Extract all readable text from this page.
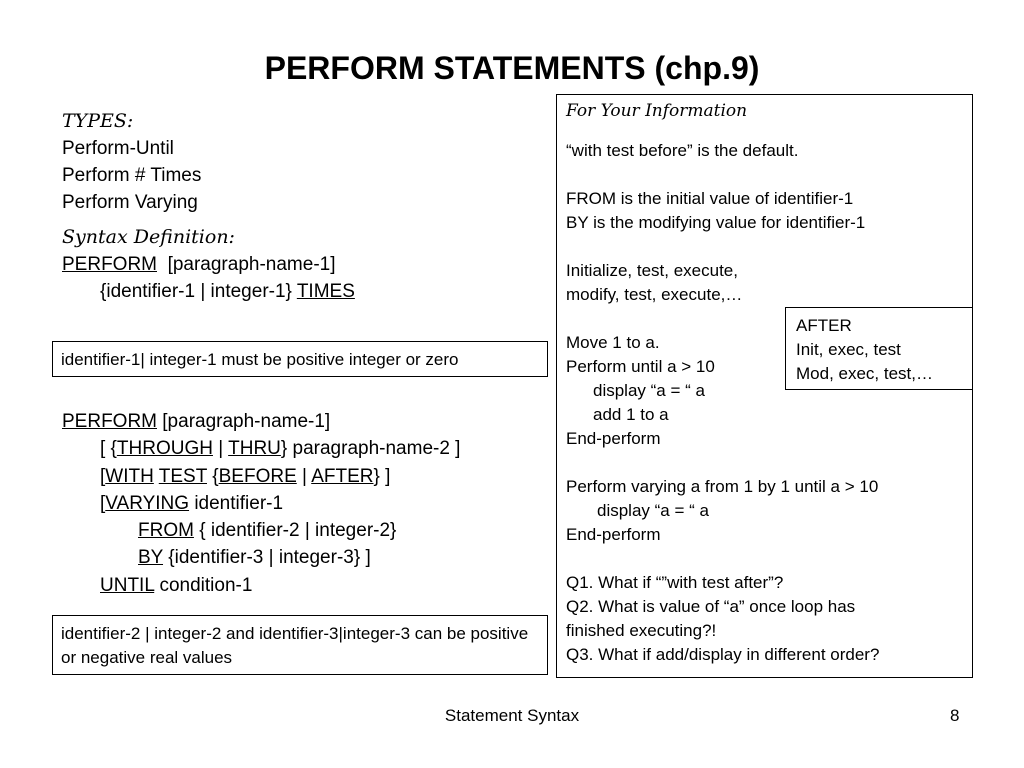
PERFORM STATEMENTS (chp.9)
TYPES:
Perform-Until
Perform # Times
Perform Varying
Syntax Definition:
PERFORM [paragraph-name-1]
{identifier-1 | integer-1} TIMES
identifier-1| integer-1 must be positive integer or zero
PERFORM [paragraph-name-1]
[ {THROUGH | THRU} paragraph-name-2 ]
[WITH TEST {BEFORE | AFTER} ]
[VARYING identifier-1
FROM { identifier-2 | integer-2}
BY {identifier-3 | integer-3} ]
UNTIL condition-1
identifier-2 | integer-2 and identifier-3|integer-3 can be positive or negative real values
For Your Information
“with test before” is the default.
FROM is the initial value of identifier-1
BY is the modifying value for identifier-1
Initialize, test, execute,
modify, test, execute,…
Move 1 to a.
Perform until a > 10
display “a = “ a
add 1 to a
End-perform
Perform varying a from 1 by 1 until a > 10
display “a = “ a
End-perform
Q1. What if “”with test after”?
Q2. What is value of “a” once loop has
finished executing?!
Q3. What if add/display in different order?
AFTER
Init, exec, test
Mod, exec, test,…
Statement Syntax	8
